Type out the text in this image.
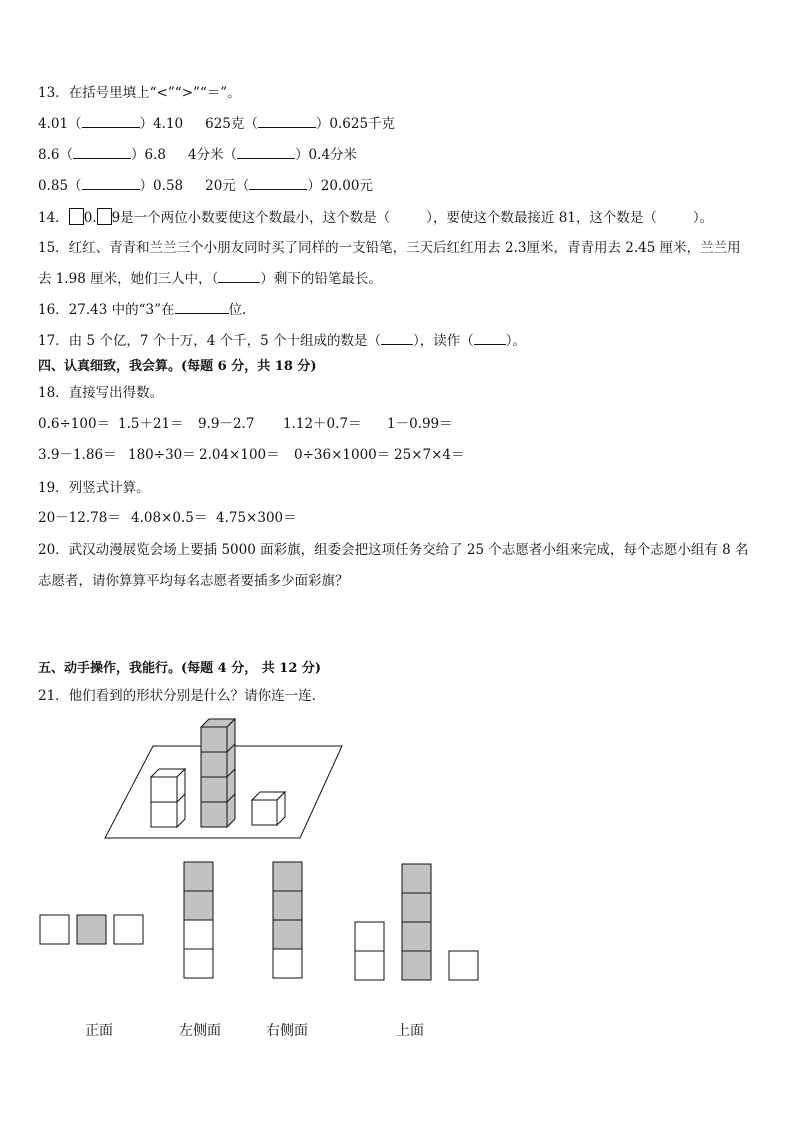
13．在括号里填上“<”“>”“＝”。
4.01（	）4.10 625克（	）0.625千克
8.6（	）6.8 4分米（	）0.4分米
0.85（	）0.58 20元（	）20.00元
14． 0. 9是一个两位小数要使这个数最小，这个数是（	），要使这个数最接近 81，这个数是（	）。
15．红红、青青和兰兰三个小朋友同时买了同样的一支铅笔，三天后红红用去 2.3厘米，青青用去 2.45 厘米，兰兰用
去 1.98 厘米，她们三人中，（	）剩下的铅笔最长。
16．27.43 中的“3”在	位.
17．由 5 个亿，7 个十万，4 个千，5 个十组成的数是（ ），读作（ ）。
四、认真细致，我会算。(每题 6 分，共 18 分)
18．直接写出得数。
0.6÷100＝ 1.5＋21＝ 9.9－2.7 1.12＋0.7＝ 1－0.99＝
3.9－1.86＝ 180÷30＝ 2.04×100＝ 0÷36×1000＝ 25×7×4＝
19．列竖式计算。
20－12.78＝ 4.08×0.5＝ 4.75×300＝
20．武汉动漫展览会场上要插 5000 面彩旗，组委会把这项任务交给了 25 个志愿者小组来完成，每个志愿小组有 8 名
志愿者，请你算算平均每名志愿者要插多少面彩旗？
五、动手操作，我能行。(每题 4 分， 共 12 分)
21．他们看到的形状分别是什么？请你连一连.
正面	左侧面	右侧面	上面
